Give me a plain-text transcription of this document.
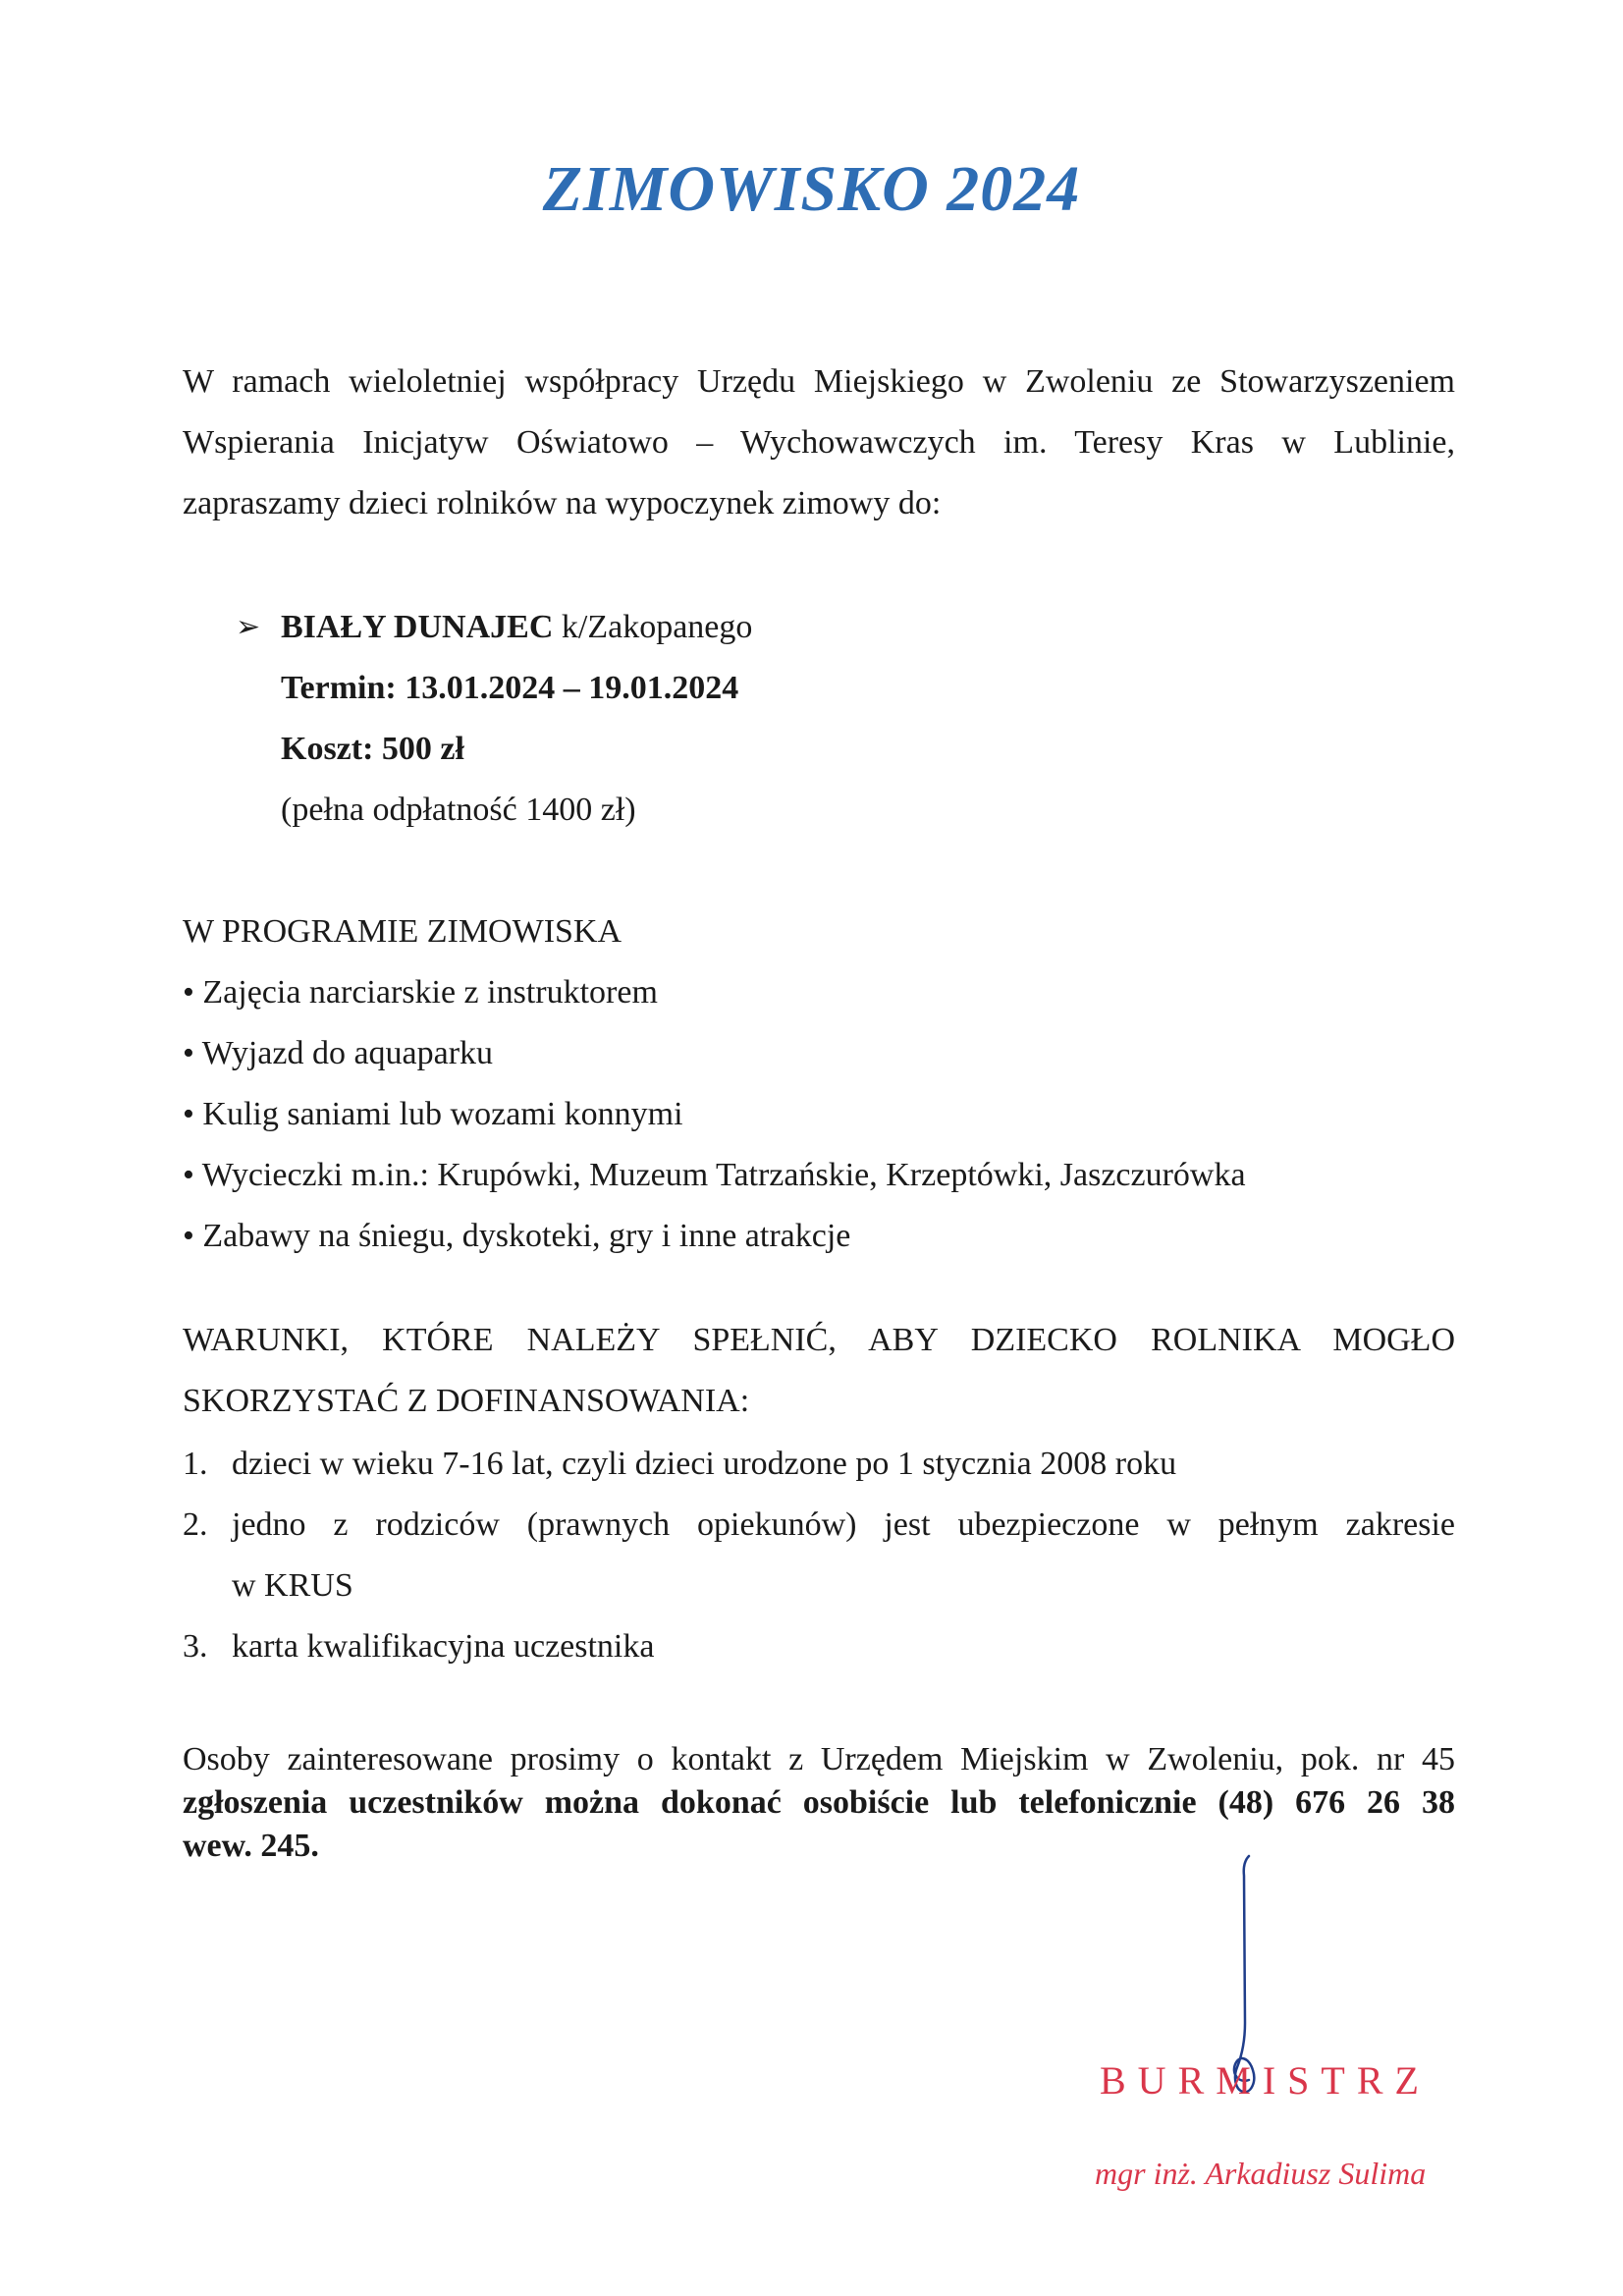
ZIMOWISKO 2024
W ramach wieloletniej współpracy Urzędu Miejskiego w Zwoleniu ze Stowarzyszeniem
Wspierania Inicjatyw Oświatowo – Wychowawczych im. Teresy Kras w Lublinie,
zapraszamy dzieci rolników na wypoczynek zimowy do:
➢ BIAŁY DUNAJEC k/Zakopanego
Termin: 13.01.2024 – 19.01.2024
Koszt: 500 zł
(pełna odpłatność 1400 zł)
W PROGRAMIE ZIMOWISKA
• Zajęcia narciarskie z instruktorem
• Wyjazd do aquaparku
• Kulig saniami lub wozami konnymi
• Wycieczki m.in.: Krupówki, Muzeum Tatrzańskie, Krzeptówki, Jaszczurówka
• Zabawy na śniegu, dyskoteki, gry i inne atrakcje
WARUNKI, KTÓRE NALEŻY SPEŁNIĆ, ABY DZIECKO ROLNIKA MOGŁO
SKORZYSTAĆ Z DOFINANSOWANIA:
1. dzieci w wieku 7-16 lat, czyli dzieci urodzone po 1 stycznia 2008 roku
2. jedno z rodziców (prawnych opiekunów) jest ubezpieczone w pełnym zakresie
w KRUS
3. karta kwalifikacyjna uczestnika
Osoby zainteresowane prosimy o kontakt z Urzędem Miejskim w Zwoleniu, pok. nr 45
zgłoszenia uczestników można dokonać osobiście lub telefonicznie (48) 676 26 38
wew. 245.
BURMISTRZ
mgr inż. Arkadiusz Sulima
